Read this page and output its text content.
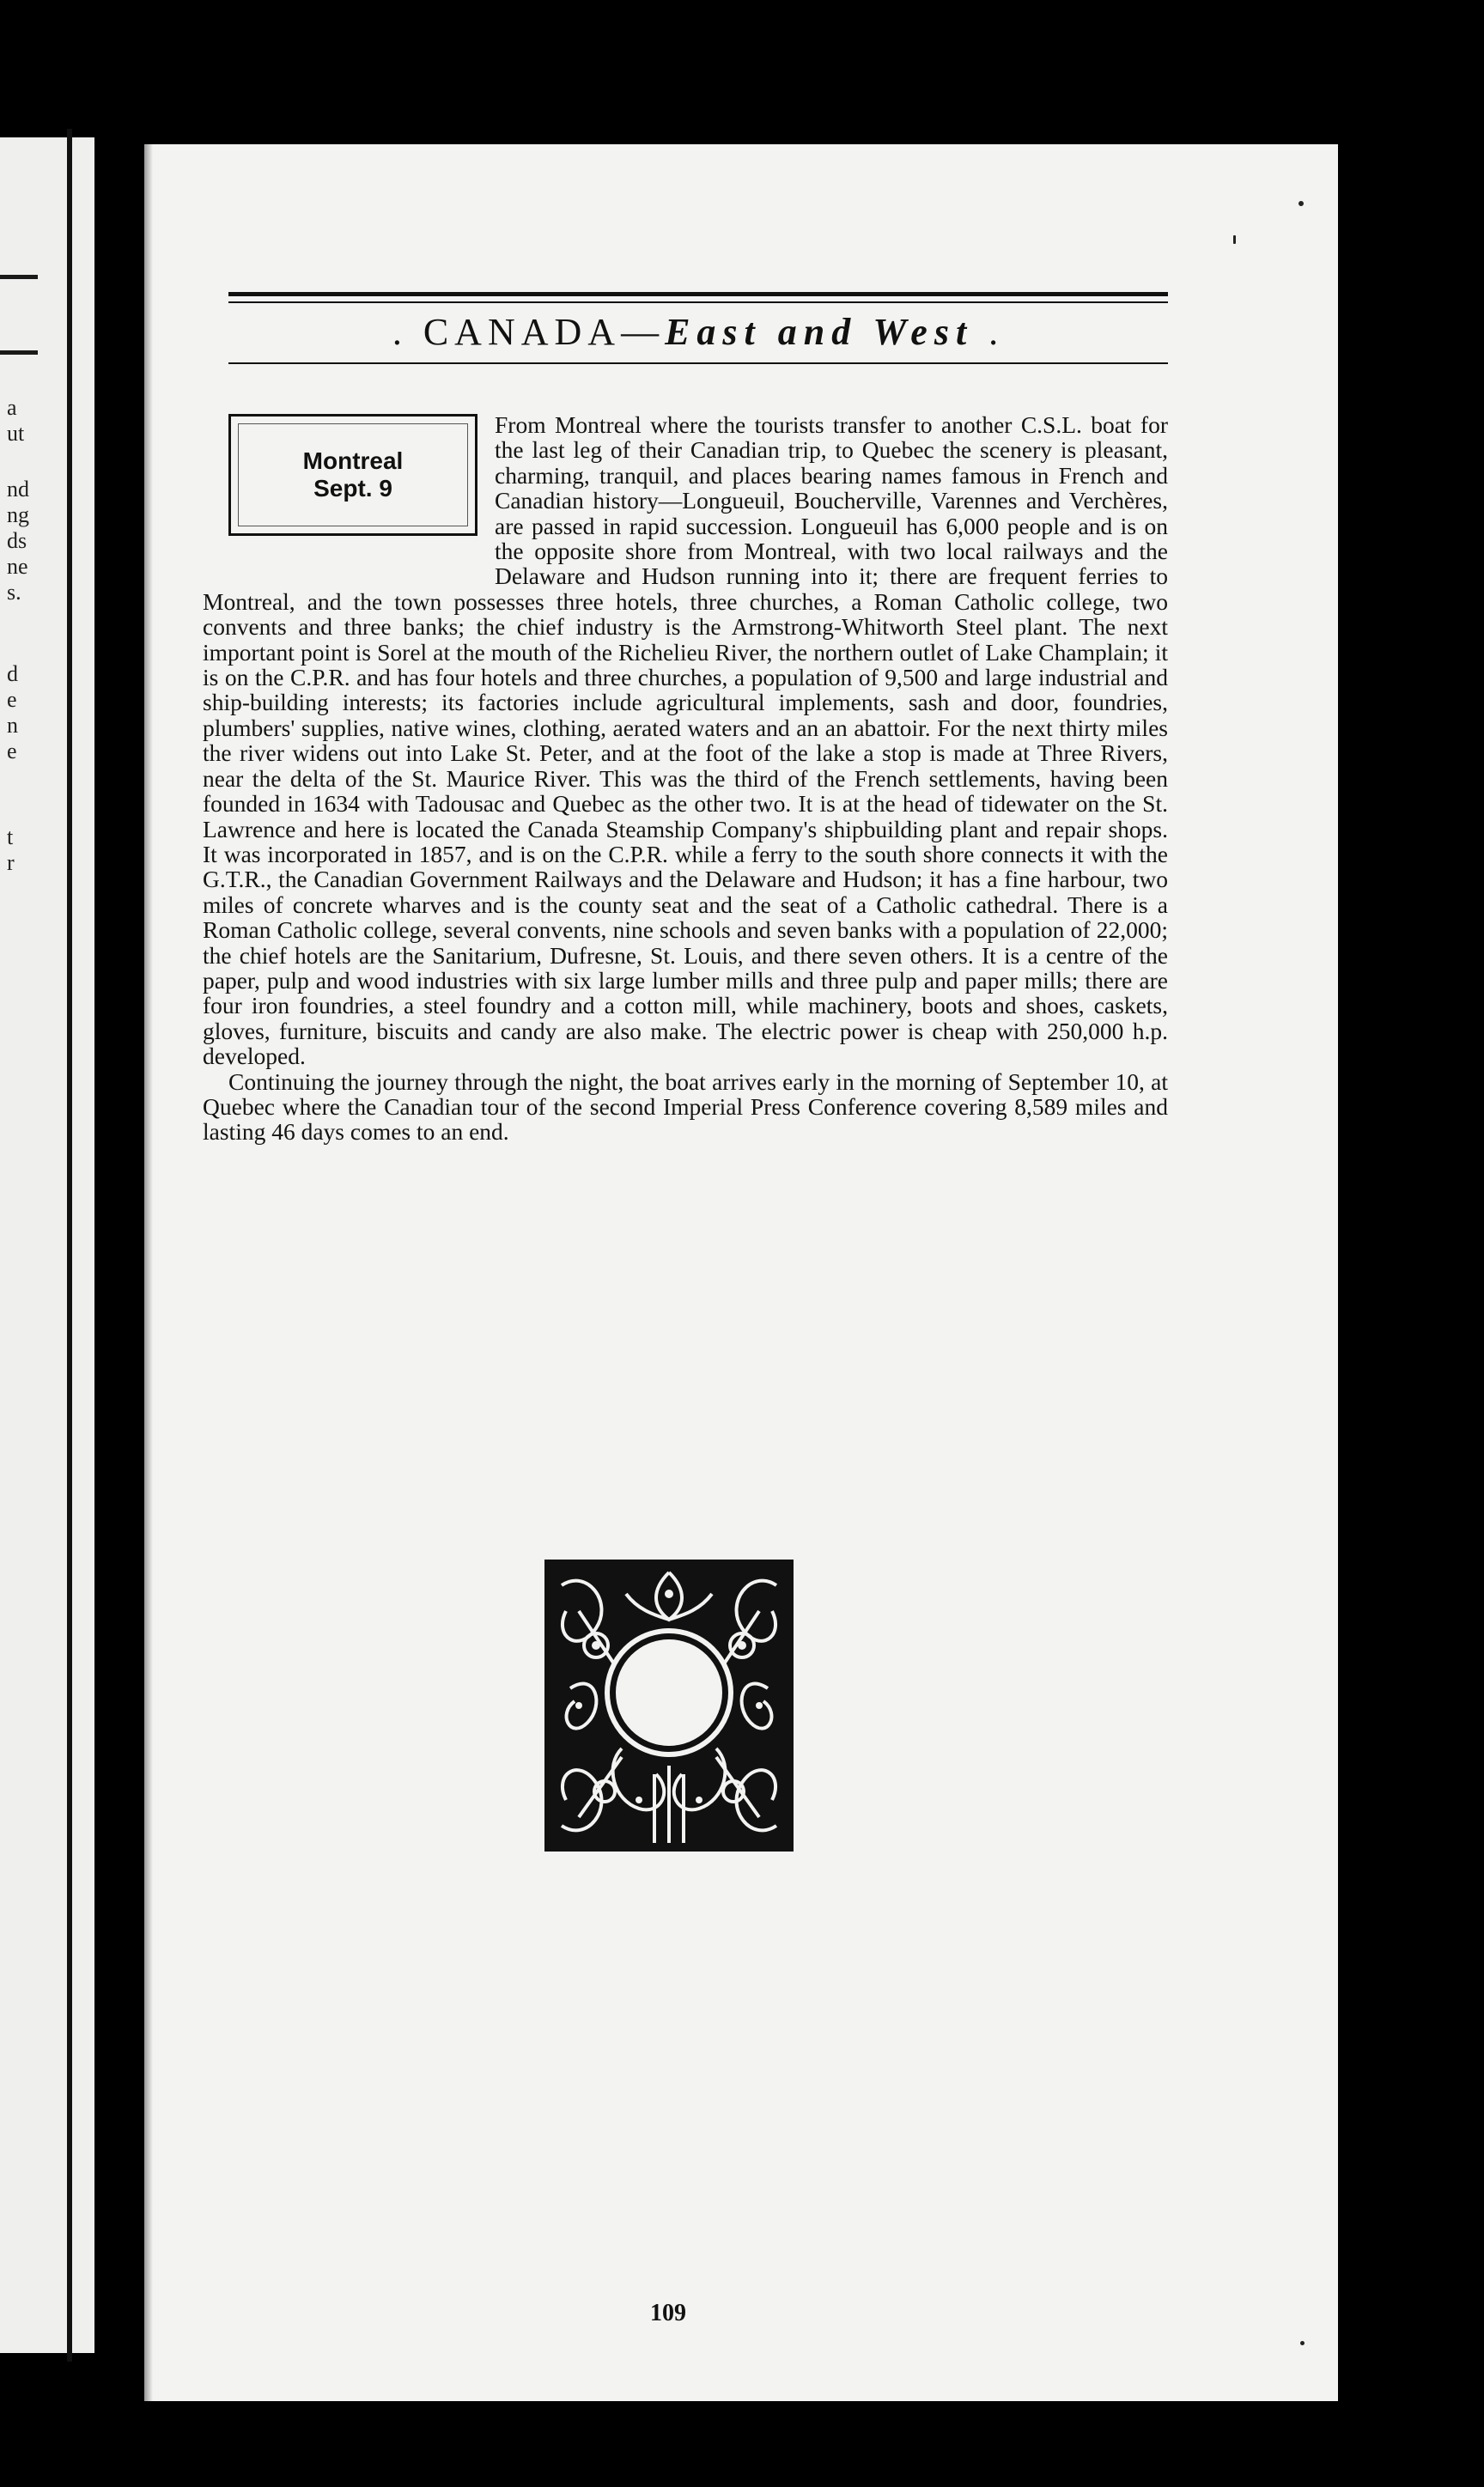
a
ut
nd
ng
ds
ne
s.
d
e
n
e
t
r
. CANADA—East and West .
Montreal
Sept. 9

From Montreal where the tourists transfer to another C.S.L. boat for the last leg of their Canadian trip, to Quebec the scenery is pleasant, charming, tranquil, and places bearing names famous in French and Canadian history—Longueuil, Boucherville, Varennes and Verchères, are passed in rapid succession. Longueuil has 6,000 people and is on the opposite shore from Montreal, with two local railways and the Delaware and Hudson running into it; there are frequent ferries to Montreal, and the town possesses three hotels, three churches, a Roman Catholic college, two convents and three banks; the chief industry is the Armstrong-Whitworth Steel plant. The next important point is Sorel at the mouth of the Richelieu River, the northern outlet of Lake Champlain; it is on the C.P.R. and has four hotels and three churches, a population of 9,500 and large industrial and ship-building interests; its factories include agricultural implements, sash and door, foundries, plumbers' supplies, native wines, clothing, aerated waters and an an abattoir. For the next thirty miles the river widens out into Lake St. Peter, and at the foot of the lake a stop is made at Three Rivers, near the delta of the St. Maurice River. This was the third of the French settlements, having been founded in 1634 with Tadousac and Quebec as the other two. It is at the head of tidewater on the St. Lawrence and here is located the Canada Steamship Company's shipbuilding plant and repair shops. It was incorporated in 1857, and is on the C.P.R. while a ferry to the south shore connects it with the G.T.R., the Canadian Government Railways and the Delaware and Hudson; it has a fine harbour, two miles of concrete wharves and is the county seat and the seat of a Catholic cathedral. There is a Roman Catholic college, several convents, nine schools and seven banks with a population of 22,000; the chief hotels are the Sanitarium, Dufresne, St. Louis, and there seven others. It is a centre of the paper, pulp and wood industries with six large lumber mills and three pulp and paper mills; there are four iron foundries, a steel foundry and a cotton mill, while machinery, boots and shoes, caskets, gloves, furniture, biscuits and candy are also make. The electric power is cheap with 250,000 h.p. developed.

Continuing the journey through the night, the boat arrives early in the morning of September 10, at Quebec where the Canadian tour of the second Imperial Press Conference covering 8,589 miles and lasting 46 days comes to an end.

109
